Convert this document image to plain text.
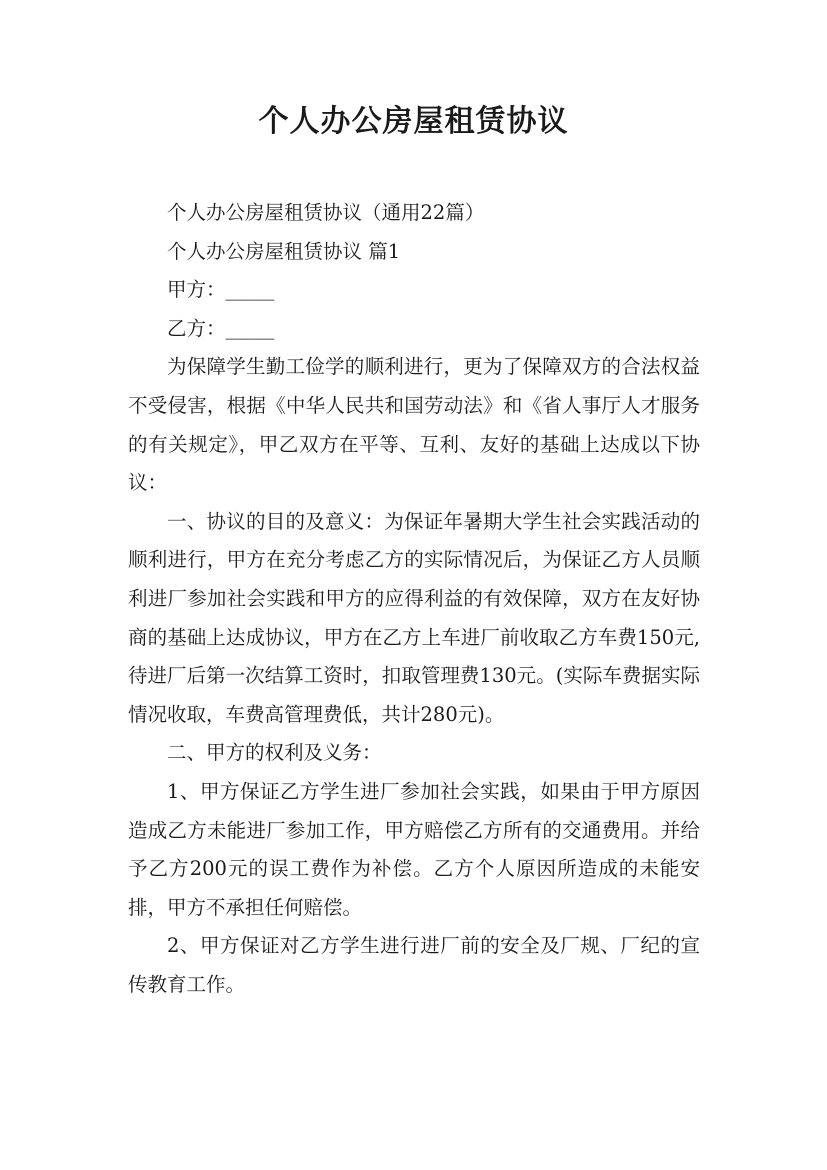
个人办公房屋租赁协议

个人办公房屋租赁协议（通用22篇）

个人办公房屋租赁协议 篇1

甲方：_____

乙方：_____

为保障学生勤工俭学的顺利进行，更为了保障双方的合法权益不受侵害，根据《中华人民共和国劳动法》和《省人事厅人才服务的有关规定》，甲乙双方在平等、互利、友好的基础上达成以下协议：

一、协议的目的及意义：为保证年暑期大学生社会实践活动的顺利进行，甲方在充分考虑乙方的实际情况后，为保证乙方人员顺利进厂参加社会实践和甲方的应得利益的有效保障，双方在友好协商的基础上达成协议，甲方在乙方上车进厂前收取乙方车费150元,待进厂后第一次结算工资时，扣取管理费130元。(实际车费据实际情况收取，车费高管理费低，共计280元)。

二、甲方的权利及义务：

1、甲方保证乙方学生进厂参加社会实践，如果由于甲方原因造成乙方未能进厂参加工作，甲方赔偿乙方所有的交通费用。并给予乙方200元的误工费作为补偿。乙方个人原因所造成的未能安排，甲方不承担任何赔偿。

2、甲方保证对乙方学生进行进厂前的安全及厂规、厂纪的宣传教育工作。
